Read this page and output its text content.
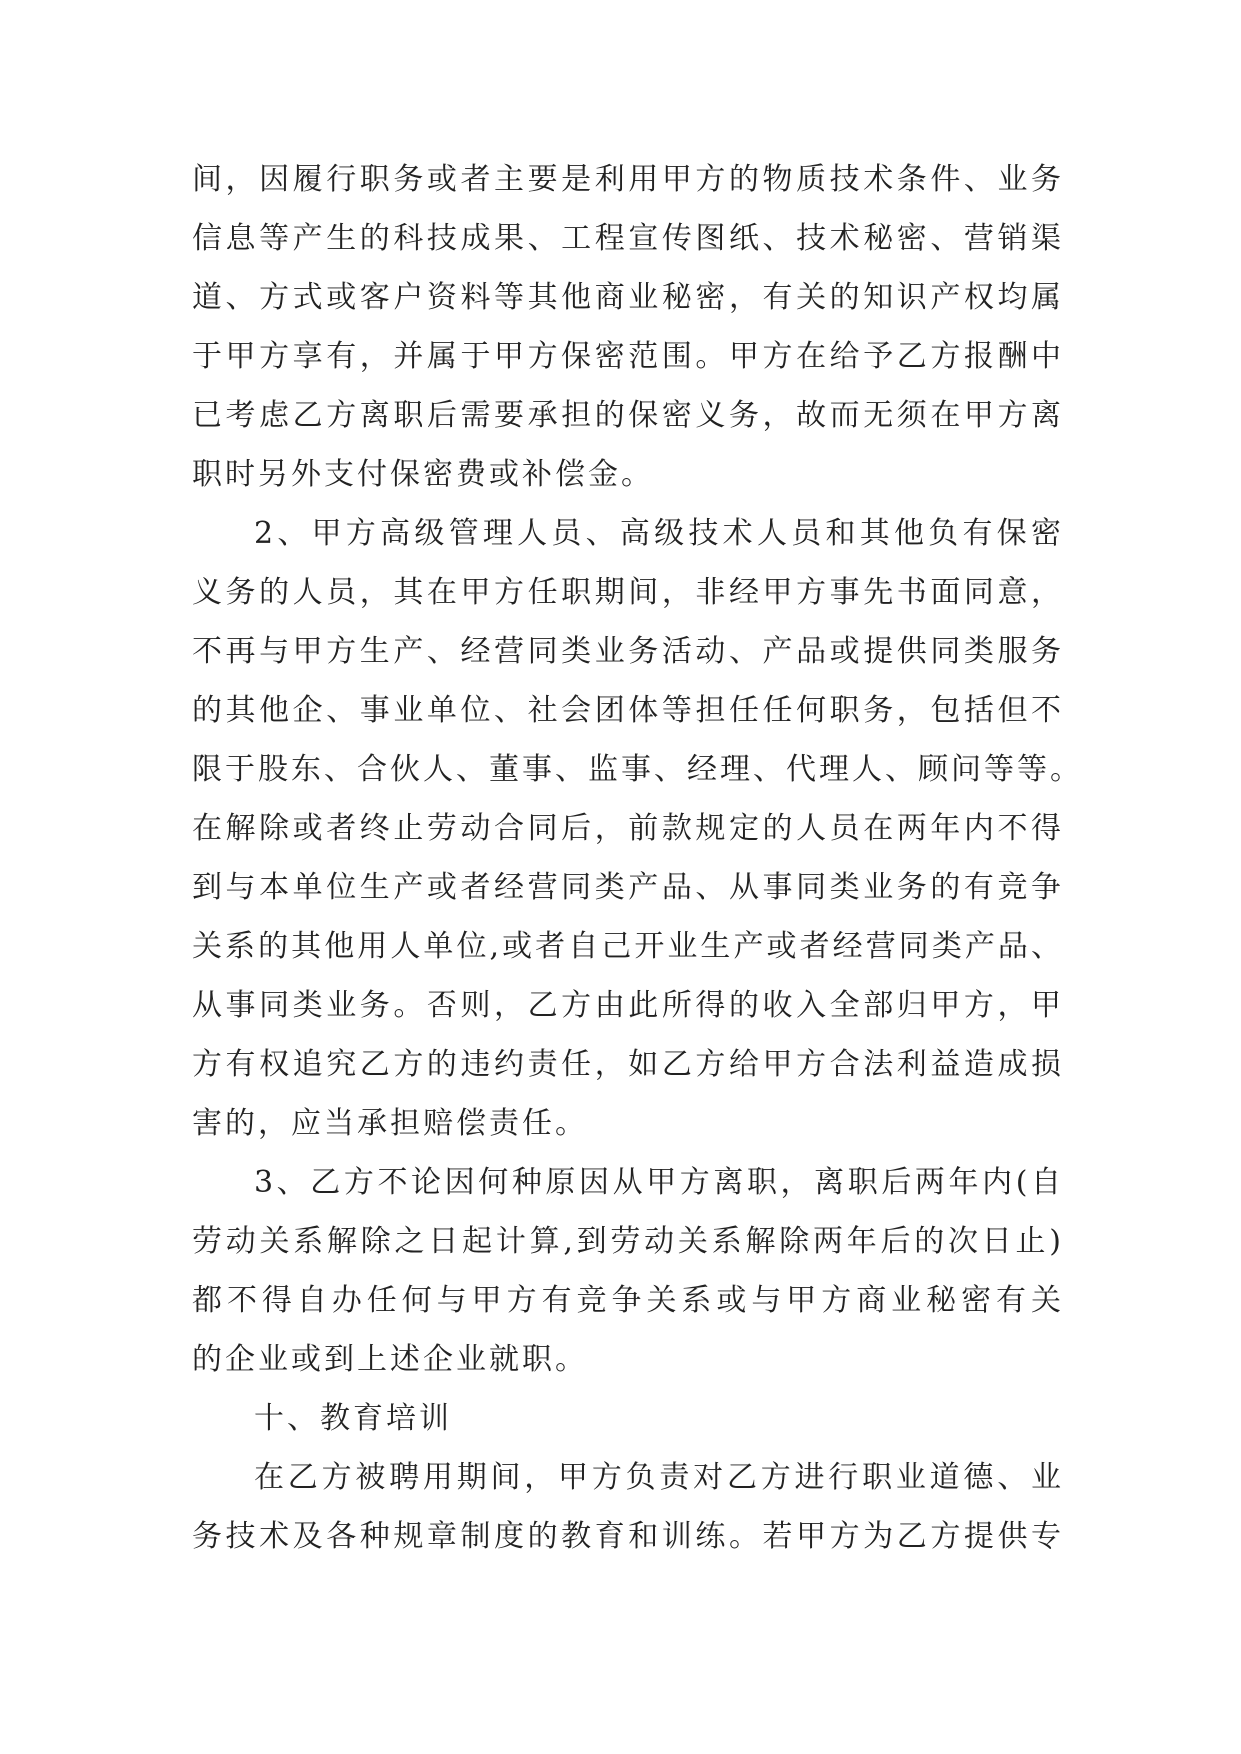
间，因履行职务或者主要是利用甲方的物质技术条件、业务
信息等产生的科技成果、工程宣传图纸、技术秘密、营销渠
道、方式或客户资料等其他商业秘密，有关的知识产权均属
于甲方享有，并属于甲方保密范围。甲方在给予乙方报酬中
已考虑乙方离职后需要承担的保密义务，故而无须在甲方离
职时另外支付保密费或补偿金。
2、甲方高级管理人员、高级技术人员和其他负有保密
义务的人员，其在甲方任职期间，非经甲方事先书面同意，
不再与甲方生产、经营同类业务活动、产品或提供同类服务
的其他企、事业单位、社会团体等担任任何职务，包括但不
限于股东、合伙人、董事、监事、经理、代理人、顾问等等。
在解除或者终止劳动合同后，前款规定的人员在两年内不得
到与本单位生产或者经营同类产品、从事同类业务的有竞争
关系的其他用人单位,或者自己开业生产或者经营同类产品、
从事同类业务。否则，乙方由此所得的收入全部归甲方，甲
方有权追究乙方的违约责任，如乙方给甲方合法利益造成损
害的，应当承担赔偿责任。
3、乙方不论因何种原因从甲方离职，离职后两年内(自
劳动关系解除之日起计算,到劳动关系解除两年后的次日止)
都不得自办任何与甲方有竞争关系或与甲方商业秘密有关
的企业或到上述企业就职。
十、教育培训
在乙方被聘用期间，甲方负责对乙方进行职业道德、业
务技术及各种规章制度的教育和训练。若甲方为乙方提供专
